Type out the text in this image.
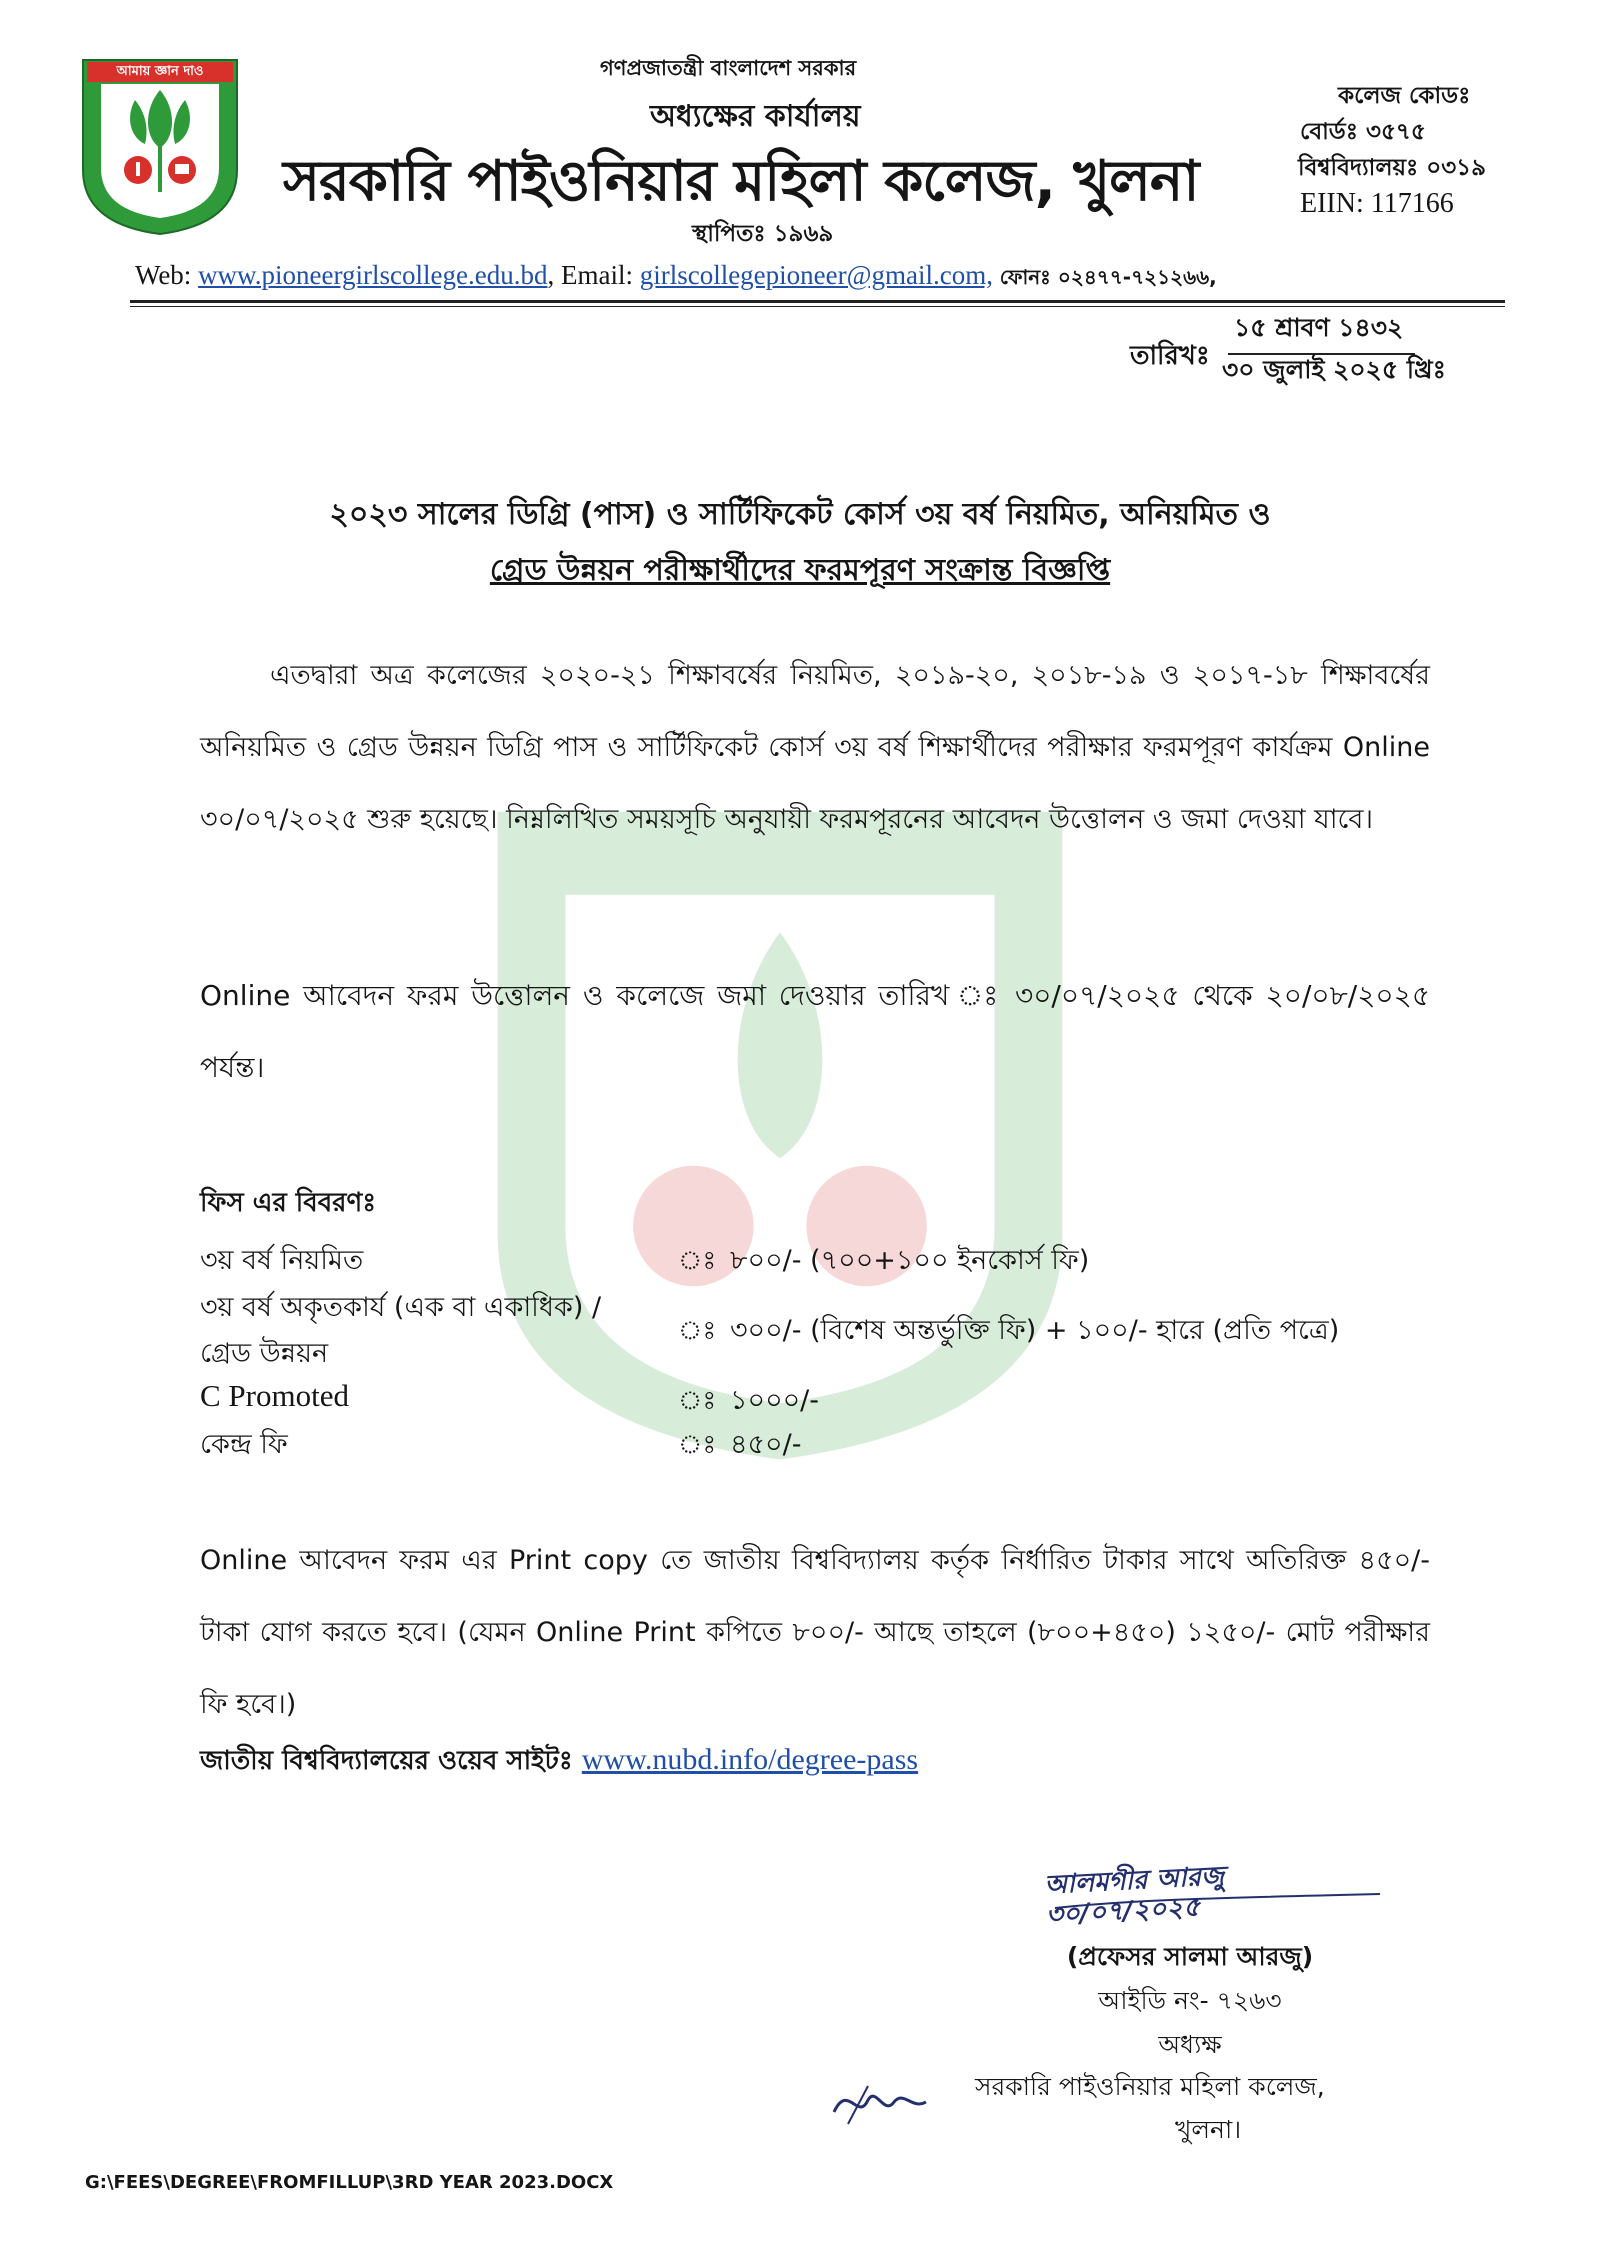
আমায় জ্ঞান দাও	গণপ্রজাতন্ত্রী বাংলাদেশ সরকার
অধ্যক্ষের কার্যালয়
সরকারি পাইওনিয়ার মহিলা কলেজ, খুলনা
স্থাপিতঃ ১৯৬৯
কলেজ কোডঃ
বোর্ডঃ ৩৫৭৫
বিশ্ববিদ্যালয়ঃ ০৩১৯
EIIN: 117166
Web: www.pioneergirlscollege.edu.bd, Email: girlscollegepioneer@gmail.com, ফোনঃ ০২৪৭৭-৭২১২৬৬,
১৫ শ্রাবণ ১৪৩২
তারিখঃ ৩০ জুলাই ২০২৫ খ্রিঃ
২০২৩ সালের ডিগ্রি (পাস) ও সার্টিফিকেট কোর্স ৩য় বর্ষ নিয়মিত, অনিয়মিত ও
গ্রেড উন্নয়ন পরীক্ষার্থীদের ফরমপূরণ সংক্রান্ত বিজ্ঞপ্তি
এতদ্বারা অত্র কলেজের ২০২০-২১ শিক্ষাবর্ষের নিয়মিত, ২০১৯-২০, ২০১৮-১৯ ও ২০১৭-১৮ শিক্ষাবর্ষের অনিয়মিত ও গ্রেড উন্নয়ন ডিগ্রি পাস ও সার্টিফিকেট কোর্স ৩য় বর্ষ শিক্ষার্থীদের পরীক্ষার ফরমপূরণ কার্যক্রম Online ৩০/০৭/২০২৫ শুরু হয়েছে। নিম্নলিখিত সময়সূচি অনুযায়ী ফরমপূরনের আবেদন উত্তোলন ও জমা দেওয়া যাবে।
Online আবেদন ফরম উত্তোলন ও কলেজে জমা দেওয়ার তারিখ ঃ ৩০/০৭/২০২৫ থেকে ২০/০৮/২০২৫ পর্যন্ত।
ফিস এর বিবরণঃ
৩য় বর্ষ নিয়মিত	ঃ ৮০০/- (৭০০+১০০ ইনকোর্স ফি)
৩য় বর্ষ অকৃতকার্য (এক বা একাধিক) /
গ্রেড উন্নয়ন
ঃ ৩০০/- (বিশেষ অন্তর্ভুক্তি ফি) + ১০০/- হারে (প্রতি পত্রে)
C Promoted	ঃ ১০০০/-
কেন্দ্র ফি	ঃ ৪৫০/-
Online আবেদন ফরম এর Print copy তে জাতীয় বিশ্ববিদ্যালয় কর্তৃক নির্ধারিত টাকার সাথে অতিরিক্ত ৪৫০/- টাকা যোগ করতে হবে। (যেমন Online Print কপিতে ৮০০/- আছে তাহলে (৮০০+৪৫০) ১২৫০/- মোট পরীক্ষার ফি হবে।)
জাতীয় বিশ্ববিদ্যালয়ের ওয়েব সাইটঃ www.nubd.info/degree-pass
আলমগীর আরজু ৩০/০৭/২০২৫
(প্রফেসর সালমা আরজু)
আইডি নং- ৭২৬৩
অধ্যক্ষ
সরকারি পাইওনিয়ার মহিলা কলেজ,
খুলনা।
G:\FEES\DEGREE\FROMFILLUP\3RD YEAR 2023.DOCX
